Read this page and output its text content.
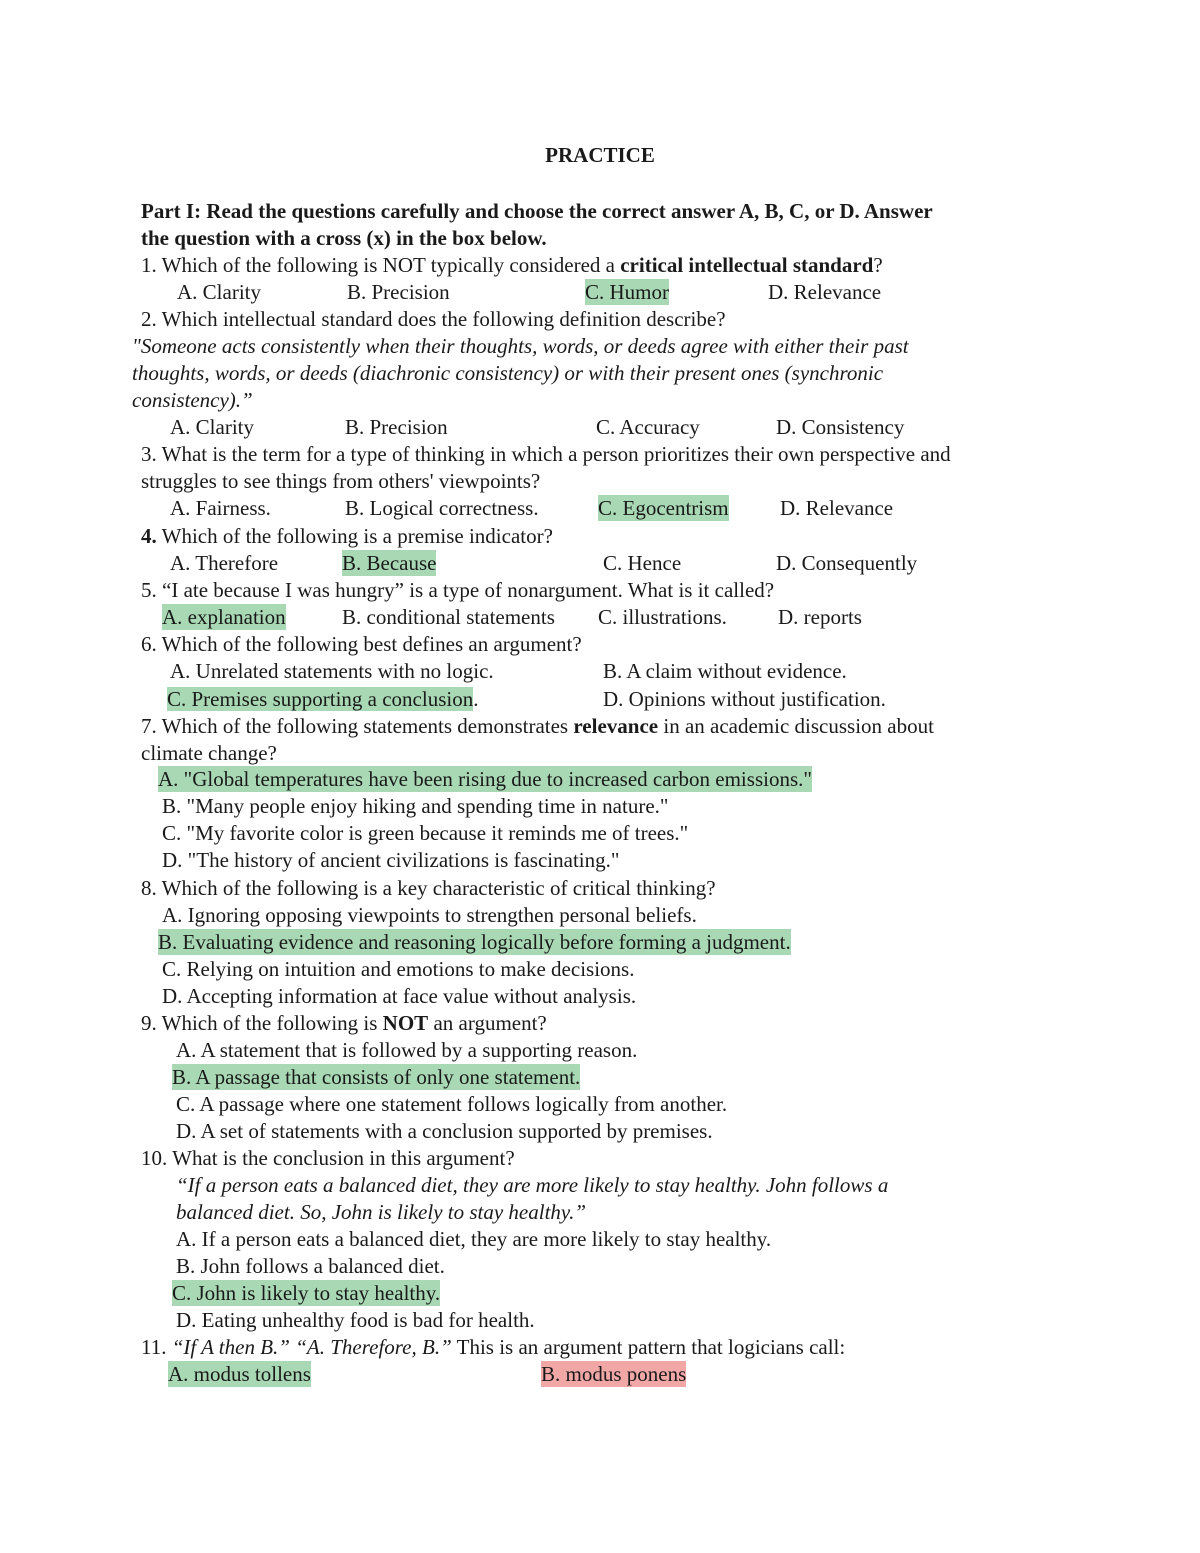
PRACTICE
Part I: Read the questions carefully and choose the correct answer A, B, C, or D. Answer
the question with a cross (x) in the box below.
1. Which of the following is NOT typically considered a critical intellectual standard?
A. Clarity	B. Precision	C. Humor	D. Relevance
2. Which intellectual standard does the following definition describe?
"Someone acts consistently when their thoughts, words, or deeds agree with either their past
thoughts, words, or deeds (diachronic consistency) or with their present ones (synchronic
consistency).”
A. Clarity	B. Precision	C. Accuracy	D. Consistency
3. What is the term for a type of thinking in which a person prioritizes their own perspective and
struggles to see things from others' viewpoints?
A. Fairness.	B. Logical correctness.	C. Egocentrism D. Relevance
4. Which of the following is a premise indicator?
A. Therefore	B. Because	C. Hence	D. Consequently
5. “I ate because I was hungry” is a type of nonargument. What is it called?
A. explanation	B. conditional statements C. illustrations. D. reports
6. Which of the following best defines an argument?
A. Unrelated statements with no logic.	B. A claim without evidence.
C. Premises supporting a conclusion.	D. Opinions without justification.
7. Which of the following statements demonstrates relevance in an academic discussion about
climate change?
A. "Global temperatures have been rising due to increased carbon emissions."
B. "Many people enjoy hiking and spending time in nature."
C. "My favorite color is green because it reminds me of trees."
D. "The history of ancient civilizations is fascinating."
8. Which of the following is a key characteristic of critical thinking?
A. Ignoring opposing viewpoints to strengthen personal beliefs.
B. Evaluating evidence and reasoning logically before forming a judgment.
C. Relying on intuition and emotions to make decisions.
D. Accepting information at face value without analysis.
9. Which of the following is NOT an argument?
A. A statement that is followed by a supporting reason.
B. A passage that consists of only one statement.
C. A passage where one statement follows logically from another.
D. A set of statements with a conclusion supported by premises.
10. What is the conclusion in this argument?
“If a person eats a balanced diet, they are more likely to stay healthy. John follows a
balanced diet. So, John is likely to stay healthy.”
A. If a person eats a balanced diet, they are more likely to stay healthy.
B. John follows a balanced diet.
C. John is likely to stay healthy.
D. Eating unhealthy food is bad for health.
11. “If A then B.” “A. Therefore, B.” This is an argument pattern that logicians call:
A. modus tollens	B. modus ponens
